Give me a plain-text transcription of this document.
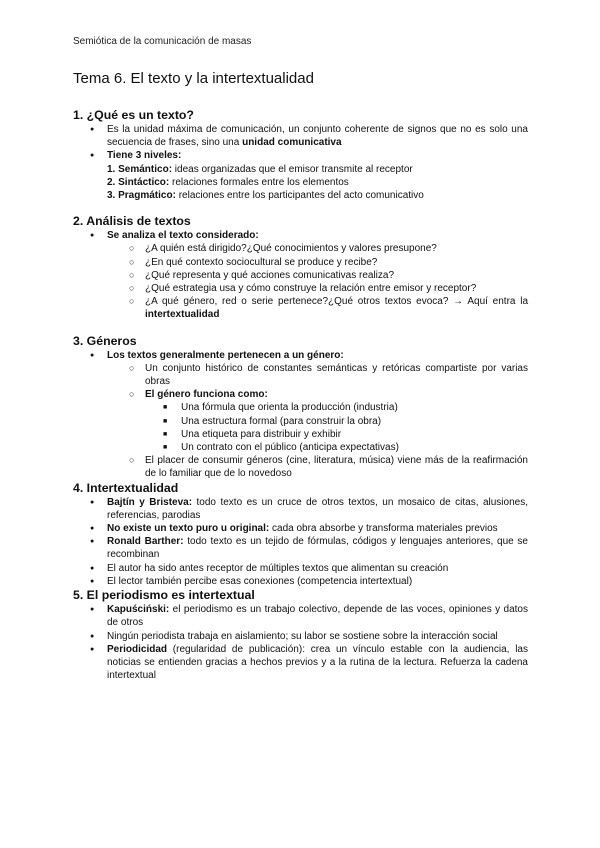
Semiótica de la comunicación de masas
Tema 6. El texto y la intertextualidad
1. ¿Qué es un texto?
● Es la unidad máxima de comunicación, un conjunto coherente de signos que no es solo una secuencia de frases, sino una unidad comunicativa
● Tiene 3 niveles:
1. Semántico: ideas organizadas que el emisor transmite al receptor
2. Sintáctico: relaciones formales entre los elementos
3. Pragmático: relaciones entre los participantes del acto comunicativo
2. Análisis de textos
● Se analiza el texto considerado:
○ ¿A quién está dirigido?¿Qué conocimientos y valores presupone?
○ ¿En qué contexto sociocultural se produce y recibe?
○ ¿Qué representa y qué acciones comunicativas realiza?
○ ¿Qué estrategia usa y cómo construye la relación entre emisor y receptor?
○ ¿A qué género, red o serie pertenece?¿Qué otros textos evoca? → Aquí entra la intertextualidad
3. Géneros
● Los textos generalmente pertenecen a un género:
○ Un conjunto histórico de constantes semánticas y retóricas compartiste por varias obras
○ El género funciona como:
■ Una fórmula que orienta la producción (industria)
■ Una estructura formal (para construir la obra)
■ Una etiqueta para distribuir y exhibir
■ Un contrato con el público (anticipa expectativas)
○ El placer de consumir géneros (cine, literatura, música) viene más de la reafirmación de lo familiar que de lo novedoso
4. Intertextualidad
● Bajtín y Bristeva: todo texto es un cruce de otros textos, un mosaico de citas, alusiones, referencias, parodias
● No existe un texto puro u original: cada obra absorbe y transforma materiales previos
● Ronald Barther: todo texto es un tejido de fórmulas, códigos y lenguajes anteriores, que se recombinan
● El autor ha sido antes receptor de múltiples textos que alimentan su creación
● El lector también percibe esas conexiones (competencia intertextual)
5. El periodismo es intertextual
● Kapuściński: el periodismo es un trabajo colectivo, depende de las voces, opiniones y datos de otros
● Ningún periodista trabaja en aislamiento; su labor se sostiene sobre la interacción social
● Periodicidad (regularidad de publicación): crea un vínculo estable con la audiencia, las noticias se entienden gracias a hechos previos y a la rutina de la lectura. Refuerza la cadena intertextual
